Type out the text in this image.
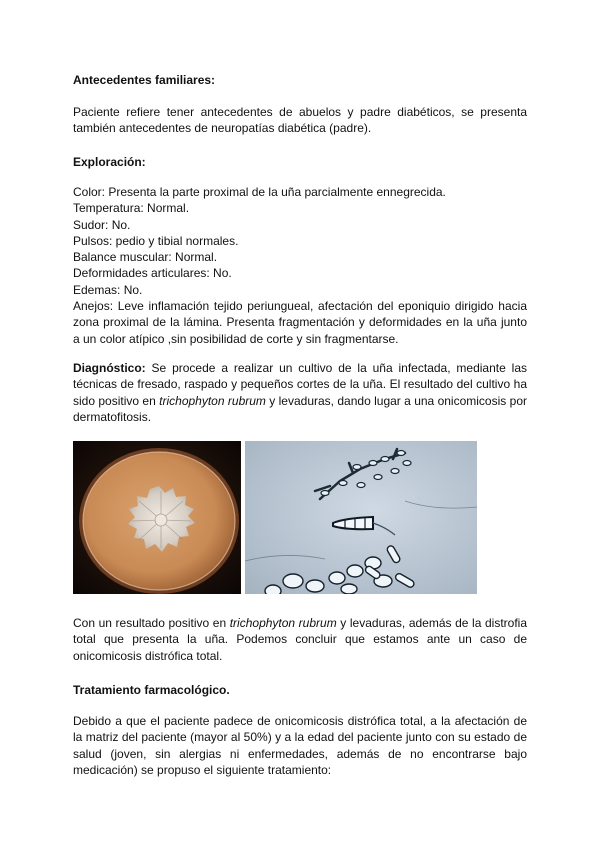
Antecedentes familiares:
Paciente refiere tener antecedentes de abuelos y padre diabéticos, se presenta también antecedentes de neuropatías diabética (padre).
Exploración:
Color: Presenta la parte proximal de la uña parcialmente ennegrecida.
Temperatura: Normal.
Sudor: No.
Pulsos: pedio y tibial normales.
Balance muscular: Normal.
Deformidades articulares: No.
Edemas: No.
Anejos: Leve inflamación tejido periungueal, afectación del eponiquio dirigido hacia zona proximal de la lámina. Presenta fragmentación y deformidades en la uña junto a un color atípico ,sin posibilidad de corte y sin fragmentarse.
Diagnóstico: Se procede a realizar un cultivo de la uña infectada, mediante las técnicas de fresado, raspado y pequeños cortes de la uña. El resultado del cultivo ha sido positivo en trichophyton rubrum y levaduras, dando lugar a una onicomicosis por dermatofitosis.
Con un resultado positivo en trichophyton rubrum y levaduras, además de la distrofia total que presenta la uña. Podemos concluir que estamos ante un caso de onicomicosis distrófica total.
Tratamiento farmacológico.
Debido a que el paciente padece de onicomicosis distrófica total, a la afectación de la matriz del paciente (mayor al 50%) y a la edad del paciente junto con su estado de salud (joven, sin alergias ni enfermedades, además de no encontrarse bajo medicación) se propuso el siguiente tratamiento:
